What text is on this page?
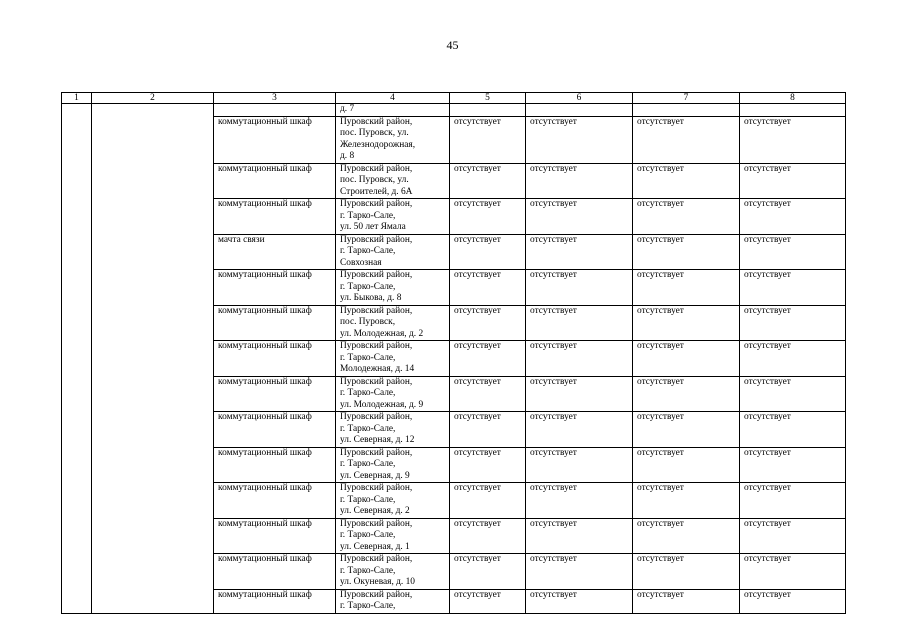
45
1	2	3	4	5	6	7	8
			д. 7				
		коммутационный шкаф	Пуровский район,
пос. Пуровск, ул.
Железнодорожная,
д. 8	отсутствует	отсутствует	отсутствует	отсутствует
		коммутационный шкаф	Пуровский район,
пос. Пуровск, ул.
Строителей, д. 6А	отсутствует	отсутствует	отсутствует	отсутствует
		коммутационный шкаф	Пуровский район,
г. Тарко-Сале,
ул. 50 лет Ямала	отсутствует	отсутствует	отсутствует	отсутствует
		мачта связи	Пуровский район,
г. Тарко-Сале,
Совхозная	отсутствует	отсутствует	отсутствует	отсутствует
		коммутационный шкаф	Пуровский район,
г. Тарко-Сале,
ул. Быкова, д. 8	отсутствует	отсутствует	отсутствует	отсутствует
		коммутационный шкаф	Пуровский район,
пос. Пуровск,
ул. Молодежная, д. 2	отсутствует	отсутствует	отсутствует	отсутствует
		коммутационный шкаф	Пуровский район,
г. Тарко-Сале,
Молодежная, д. 14	отсутствует	отсутствует	отсутствует	отсутствует
		коммутационный шкаф	Пуровский район,
г. Тарко-Сале,
ул. Молодежная, д. 9	отсутствует	отсутствует	отсутствует	отсутствует
		коммутационный шкаф	Пуровский район,
г. Тарко-Сале,
ул. Северная, д. 12	отсутствует	отсутствует	отсутствует	отсутствует
		коммутационный шкаф	Пуровский район,
г. Тарко-Сале,
ул. Северная, д. 9	отсутствует	отсутствует	отсутствует	отсутствует
		коммутационный шкаф	Пуровский район,
г. Тарко-Сале,
ул. Северная, д. 2	отсутствует	отсутствует	отсутствует	отсутствует
		коммутационный шкаф	Пуровский район,
г. Тарко-Сале,
ул. Северная, д. 1	отсутствует	отсутствует	отсутствует	отсутствует
		коммутационный шкаф	Пуровский район,
г. Тарко-Сале,
ул. Окуневая, д. 10	отсутствует	отсутствует	отсутствует	отсутствует
		коммутационный шкаф	Пуровский район,
г. Тарко-Сале,	отсутствует	отсутствует	отсутствует	отсутствует
